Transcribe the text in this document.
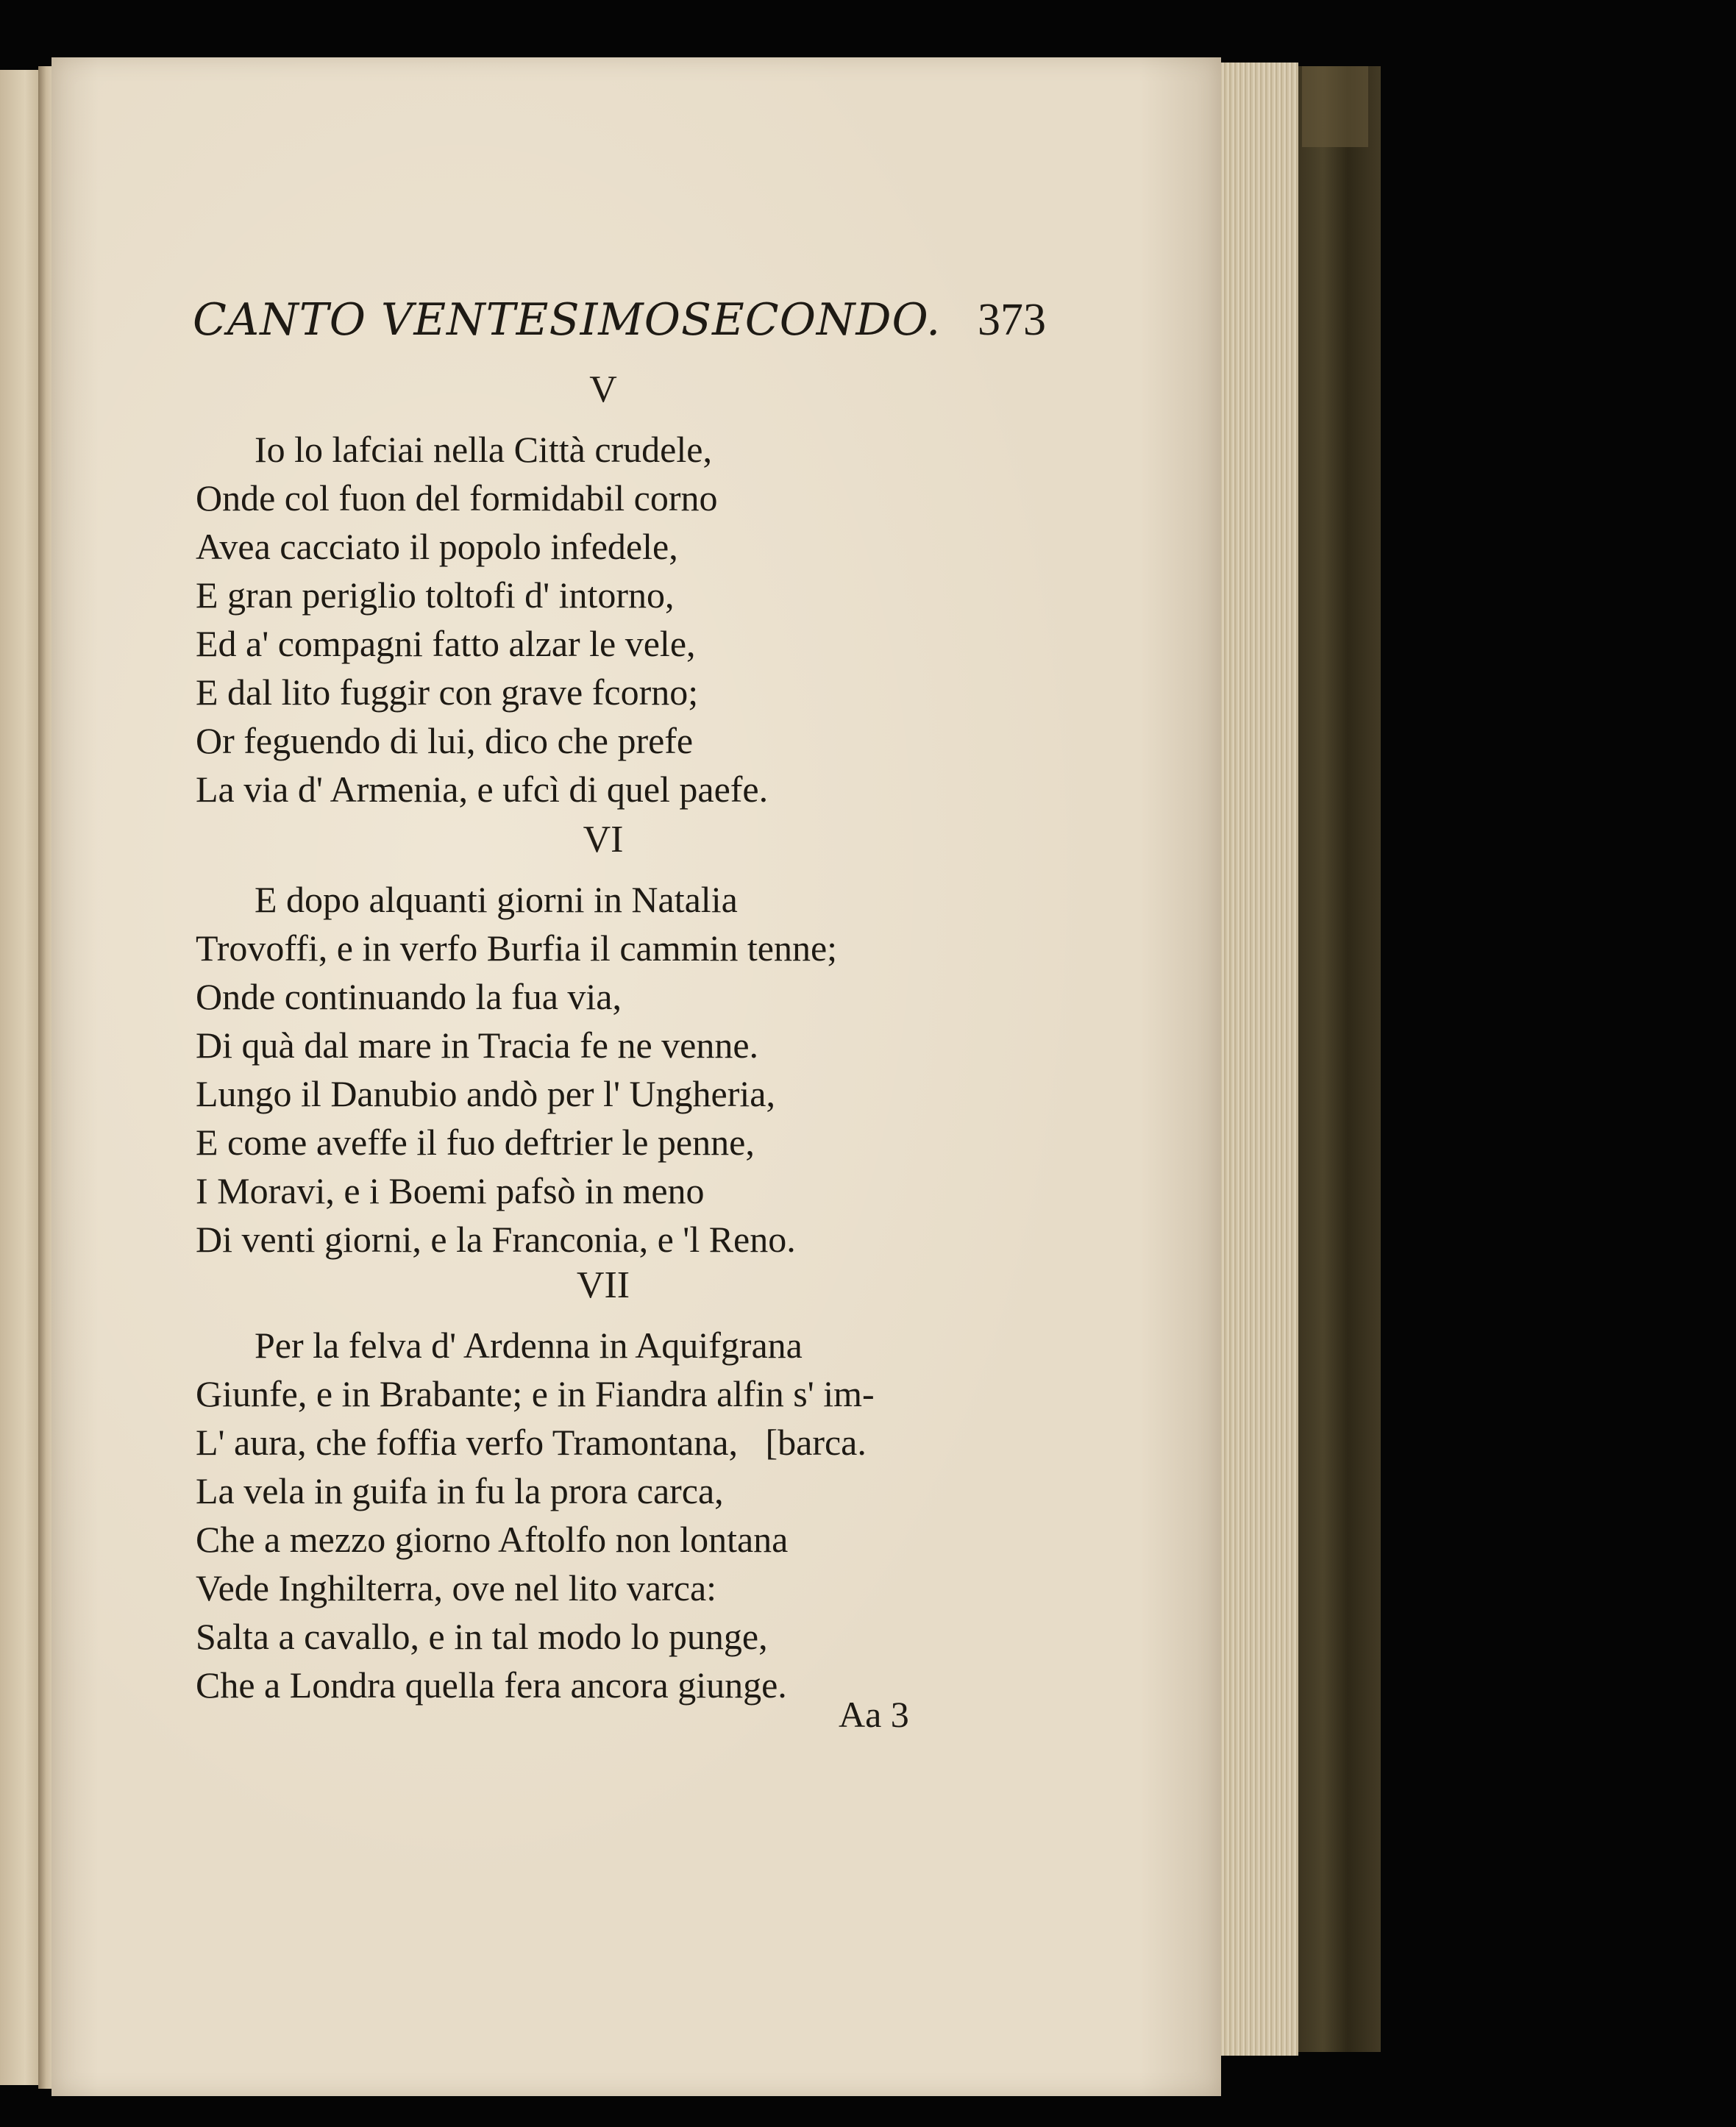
CANTO VENTESIMOSECONDO. 373
V
Io lo lafciai nella Città crudele,
Onde col fuon del formidabil corno
Avea cacciato il popolo infedele,
E gran periglio toltofi d' intorno,
Ed a' compagni fatto alzar le vele,
E dal lito fuggir con grave fcorno;
Or feguendo di lui, dico che prefe
La via d' Armenia, e ufcì di quel paefe.
VI
E dopo alquanti giorni in Natalia
Trovoffi, e in verfo Burfia il cammin tenne;
Onde continuando la fua via,
Di quà dal mare in Tracia fe ne venne.
Lungo il Danubio andò per l' Ungheria,
E come aveffe il fuo deftrier le penne,
I Moravi, e i Boemi pafsò in meno
Di venti giorni, e la Franconia, e 'l Reno.
VII
Per la felva d' Ardenna in Aquifgrana
Giunfe, e in Brabante; e in Fiandra alfin s' im-
L' aura, che foffia verfo Tramontana,   [barca.
La vela in guifa in fu la prora carca,
Che a mezzo giorno Aftolfo non lontana
Vede Inghilterra, ove nel lito varca:
Salta a cavallo, e in tal modo lo punge,
Che a Londra quella fera ancora giunge.
Aa 3
